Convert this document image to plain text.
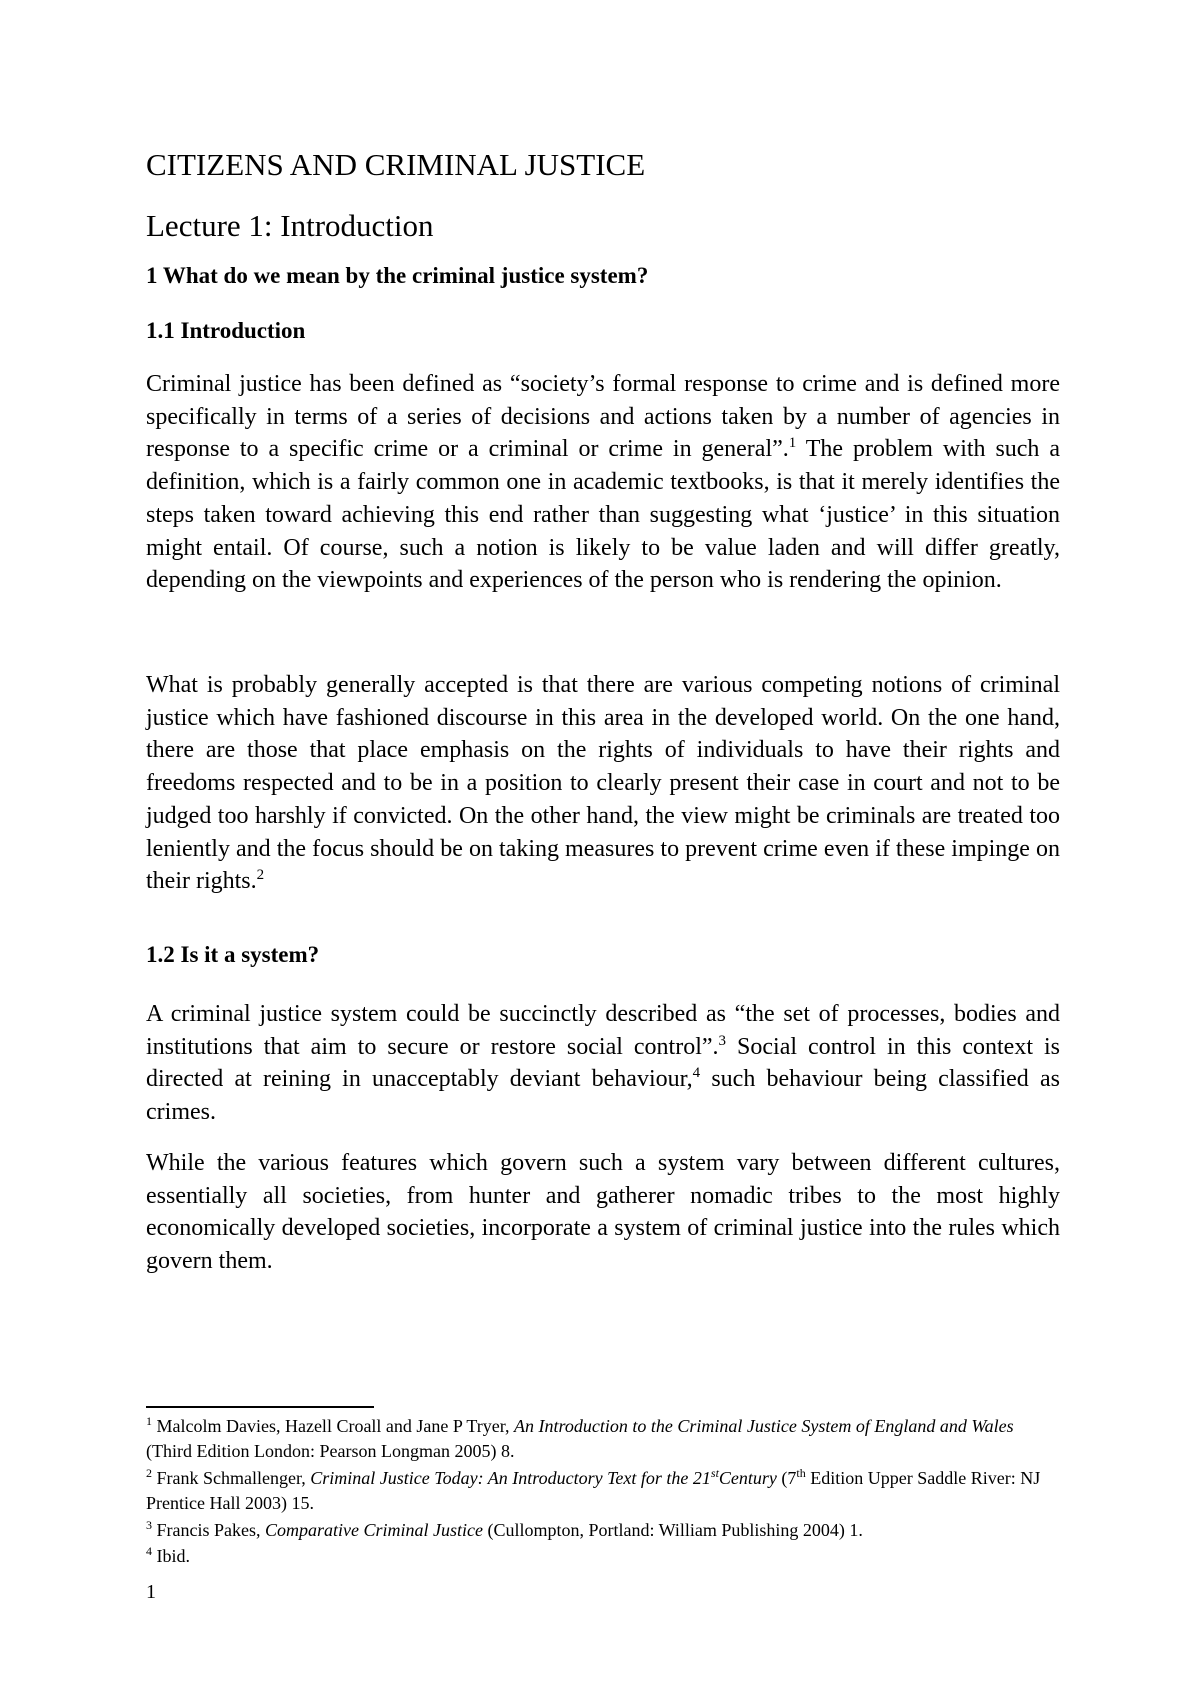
CITIZENS AND CRIMINAL JUSTICE
Lecture 1: Introduction
1 What do we mean by the criminal justice system?
1.1 Introduction

Criminal justice has been defined as “society’s formal response to crime and is defined more specifically in terms of a series of decisions and actions taken by a number of agencies in response to a specific crime or a criminal or crime in general”.$^1$ The problem with such a definition, which is a fairly common one in academic textbooks, is that it merely identifies the steps taken toward achieving this end rather than suggesting what ‘justice’ in this situation might entail. Of course, such a notion is likely to be value laden and will differ greatly, depending on the viewpoints and experiences of the person who is rendering the opinion.

What is probably generally accepted is that there are various competing notions of criminal justice which have fashioned discourse in this area in the developed world. On the one hand, there are those that place emphasis on the rights of individuals to have their rights and freedoms respected and to be in a position to clearly present their case in court and not to be judged too harshly if convicted. On the other hand, the view might be criminals are treated too leniently and the focus should be on taking measures to prevent crime even if these impinge on their rights.$^2$

1.2 Is it a system?

A criminal justice system could be succinctly described as “the set of processes, bodies and institutions that aim to secure or restore social control”.$^3$ Social control in this context is directed at reining in unacceptably deviant behaviour,$^4$ such behaviour being classified as crimes.

While the various features which govern such a system vary between different cultures, essentially all societies, from hunter and gatherer nomadic tribes to the most highly economically developed societies, incorporate a system of criminal justice into the rules which govern them.

$^1$ Malcolm Davies, Hazell Croall and Jane P Tryer, An Introduction to the Criminal Justice System of England and Wales (Third Edition London: Pearson Longman 2005) 8.

$^2$ Frank Schmallenger, Criminal Justice Today: An Introductory Text for the 21stCentury (7th Edition Upper Saddle River: NJ Prentice Hall 2003) 15.

$^3$ Francis Pakes, Comparative Criminal Justice (Cullompton, Portland: William Publishing 2004) 1.

$^4$ Ibid.

1
